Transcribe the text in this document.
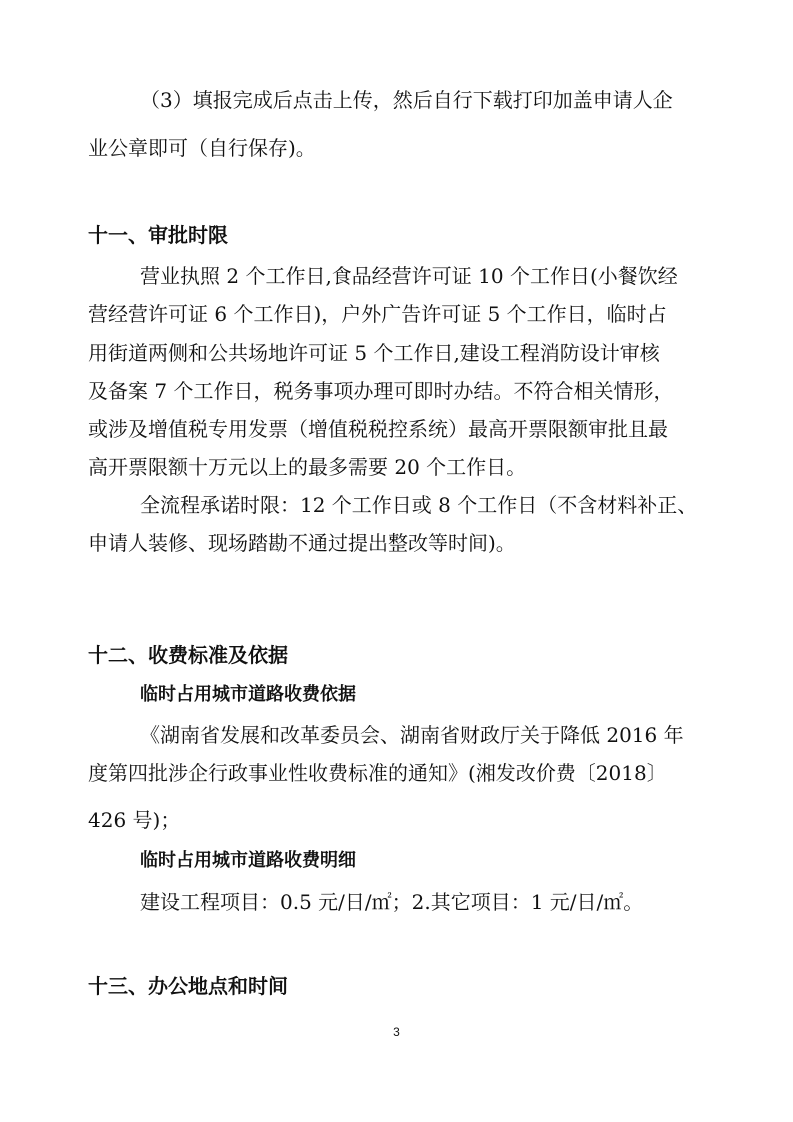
（3）填报完成后点击上传，然后自行下载打印加盖申请人企

业公章即可（自行保存)。

十一、审批时限

营业执照 2 个工作日,食品经营许可证 10 个工作日(小餐饮经

营经营许可证 6 个工作日)，户外广告许可证 5 个工作日，临时占

用街道两侧和公共场地许可证 5 个工作日,建设工程消防设计审核

及备案 7 个工作日，税务事项办理可即时办结。不符合相关情形，

或涉及增值税专用发票（增值税税控系统）最高开票限额审批且最

高开票限额十万元以上的最多需要 20 个工作日。

全流程承诺时限：12 个工作日或 8 个工作日（不含材料补正、

申请人装修、现场踏勘不通过提出整改等时间)。

十二、收费标准及依据
临时占用城市道路收费依据

《湖南省发展和改革委员会、湖南省财政厅关于降低 2016 年

度第四批涉企行政事业性收费标准的通知》(湘发改价费〔2018〕

426 号)；

临时占用城市道路收费明细

建设工程项目：0.5 元/日/㎡；2.其它项目：1 元/日/㎡。

十三、办公地点和时间
3
